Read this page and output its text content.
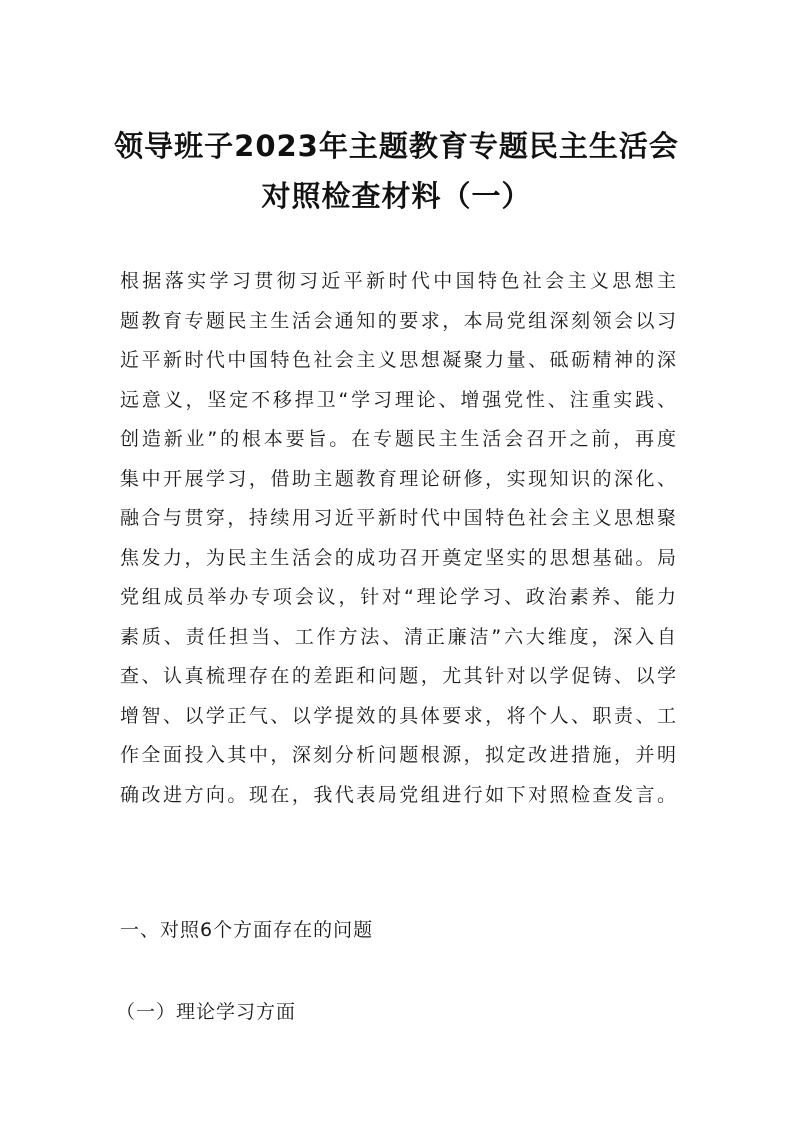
领导班子2023年主题教育专题民主生活会
对照检查材料（一）
根据落实学习贯彻习近平新时代中国特色社会主义思想主
题教育专题民主生活会通知的要求，本局党组深刻领会以习
近平新时代中国特色社会主义思想凝聚力量、砥砺精神的深
远意义，坚定不移捍卫“学习理论、增强党性、注重实践、
创造新业”的根本要旨。在专题民主生活会召开之前，再度
集中开展学习，借助主题教育理论研修，实现知识的深化、
融合与贯穿，持续用习近平新时代中国特色社会主义思想聚
焦发力，为民主生活会的成功召开奠定坚实的思想基础。局
党组成员举办专项会议，针对“理论学习、政治素养、能力
素质、责任担当、工作方法、清正廉洁”六大维度，深入自
查、认真梳理存在的差距和问题，尤其针对以学促铸、以学
增智、以学正气、以学提效的具体要求，将个人、职责、工
作全面投入其中，深刻分析问题根源，拟定改进措施，并明
确改进方向。现在，我代表局党组进行如下对照检查发言。
一、对照6个方面存在的问题
（一）理论学习方面
